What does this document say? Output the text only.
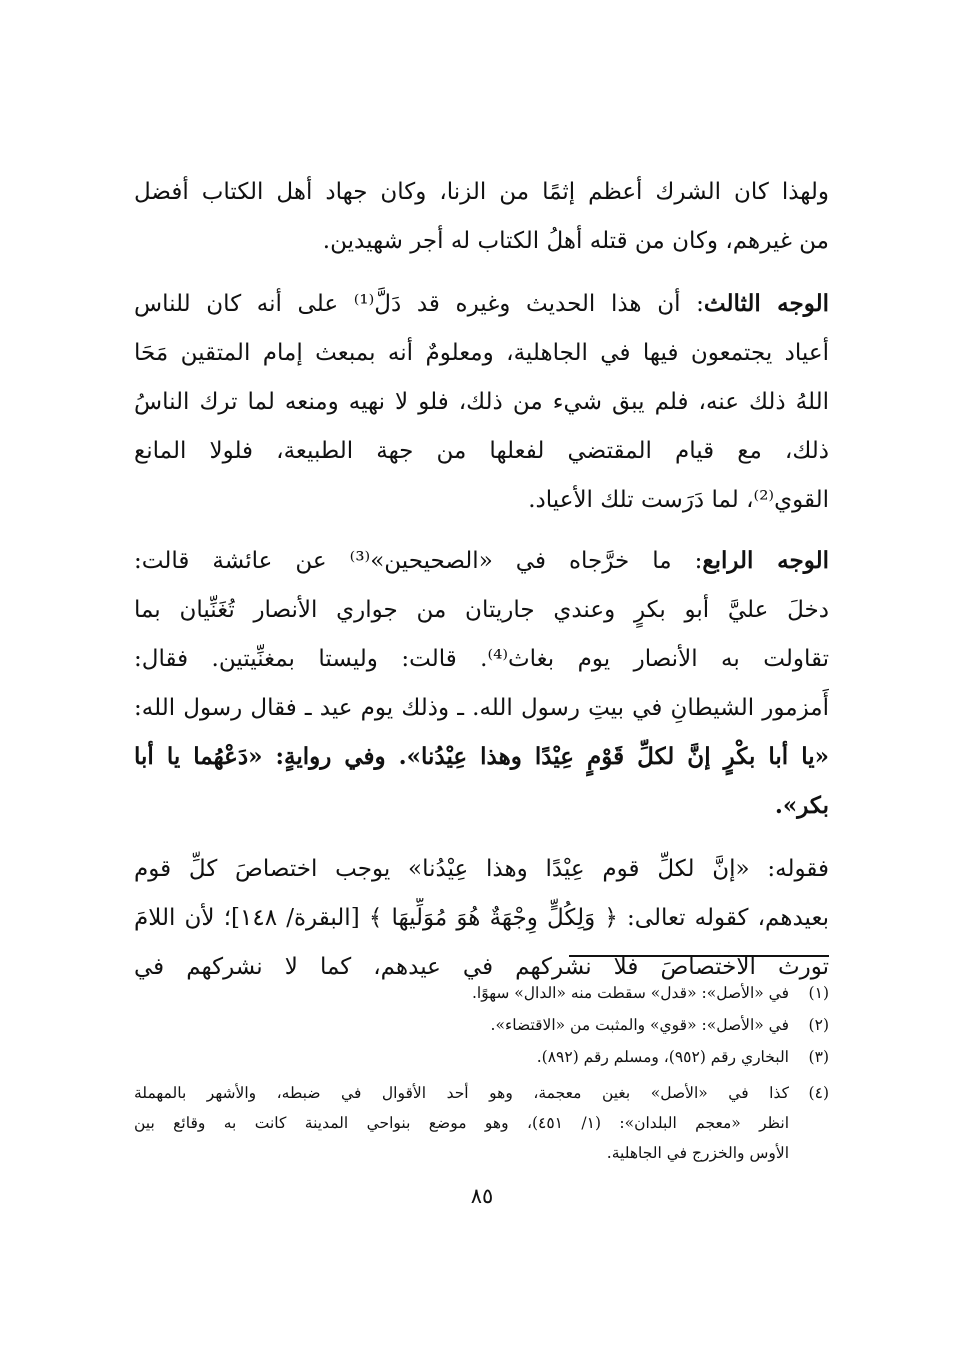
ولهذا كان الشرك أعظم إثمًا من الزنا، وكان جهاد أهل الكتاب أفضل
من غيرهم، وكان من قتله أهلُ الكتاب له أجر شهيدين.
الوجه الثالث: أن هذا الحديث وغيره قد دَلَّ⁽¹⁾ على أنه كان للناس
أعياد يجتمعون فيها في الجاهلية، ومعلومٌ أنه بمبعث إمام المتقين مَحَا
اللهُ ذلك عنه، فلم يبق شيء من ذلك، فلو لا نهيه ومنعه لما ترك الناسُ
ذلك، مع قيام المقتضي لفعلها من جهة الطبيعة، فلولا المانع
القوي⁽²⁾، لما دَرَست تلك الأعياد.
الوجه الرابع: ما خرَّجاه في «الصحيحين»⁽³⁾ عن عائشة قالت:
دخلَ عليَّ أبو بكرٍ وعندي جاريتان من جواري الأنصار تُغَنِّيان بما
تقاولت به الأنصار يوم بغاث⁽⁴⁾. قالت: وليستا بمغنِّيتين. فقال:
أَمزمور الشيطانِ في بيتِ رسول الله. ـ وذلك يوم عيد ـ فقال رسول الله:
«يا أبا بكْرٍ إنَّ لكلِّ قَوْمٍ عِيْدًا وهذا عِيْدُنا». وفي روايةٍ: «دَعْهُما يا أبا
بكر».
فقوله: «إنَّ لكلِّ قوم عِيْدًا وهذا عِيْدُنا» يوجب اختصاصَ كلِّ قوم
بعيدهم، كقوله تعالى: ﴿ وَلِكُلٍّ وِجْهَةٌ هُوَ مُوَلِّيهَا ﴾ [البقرة/ ١٤٨]؛ لأن اللامَ
تورث الاختصاصَ فلا نشركهم في عيدهم، كما لا نشركهم في
(١)في «الأصل»: «قدل» سقطت منه «الدال» سهوًا.
(٢)في «الأصل»: «قوي» والمثبت من «الاقتضاء».
(٣)البخاري رقم (٩٥٢)، ومسلم رقم (٨٩٢).
(٤)كذا في «الأصل» بغين معجمة، وهو أحد الأقوال في ضبطه، والأشهر بالمهملة
انظر «معجم البلدان»: (١/ ٤٥١)، وهو موضع بنواحي المدينة كانت به وقائع بين
الأوس والخزرج في الجاهلية.
٨٥
